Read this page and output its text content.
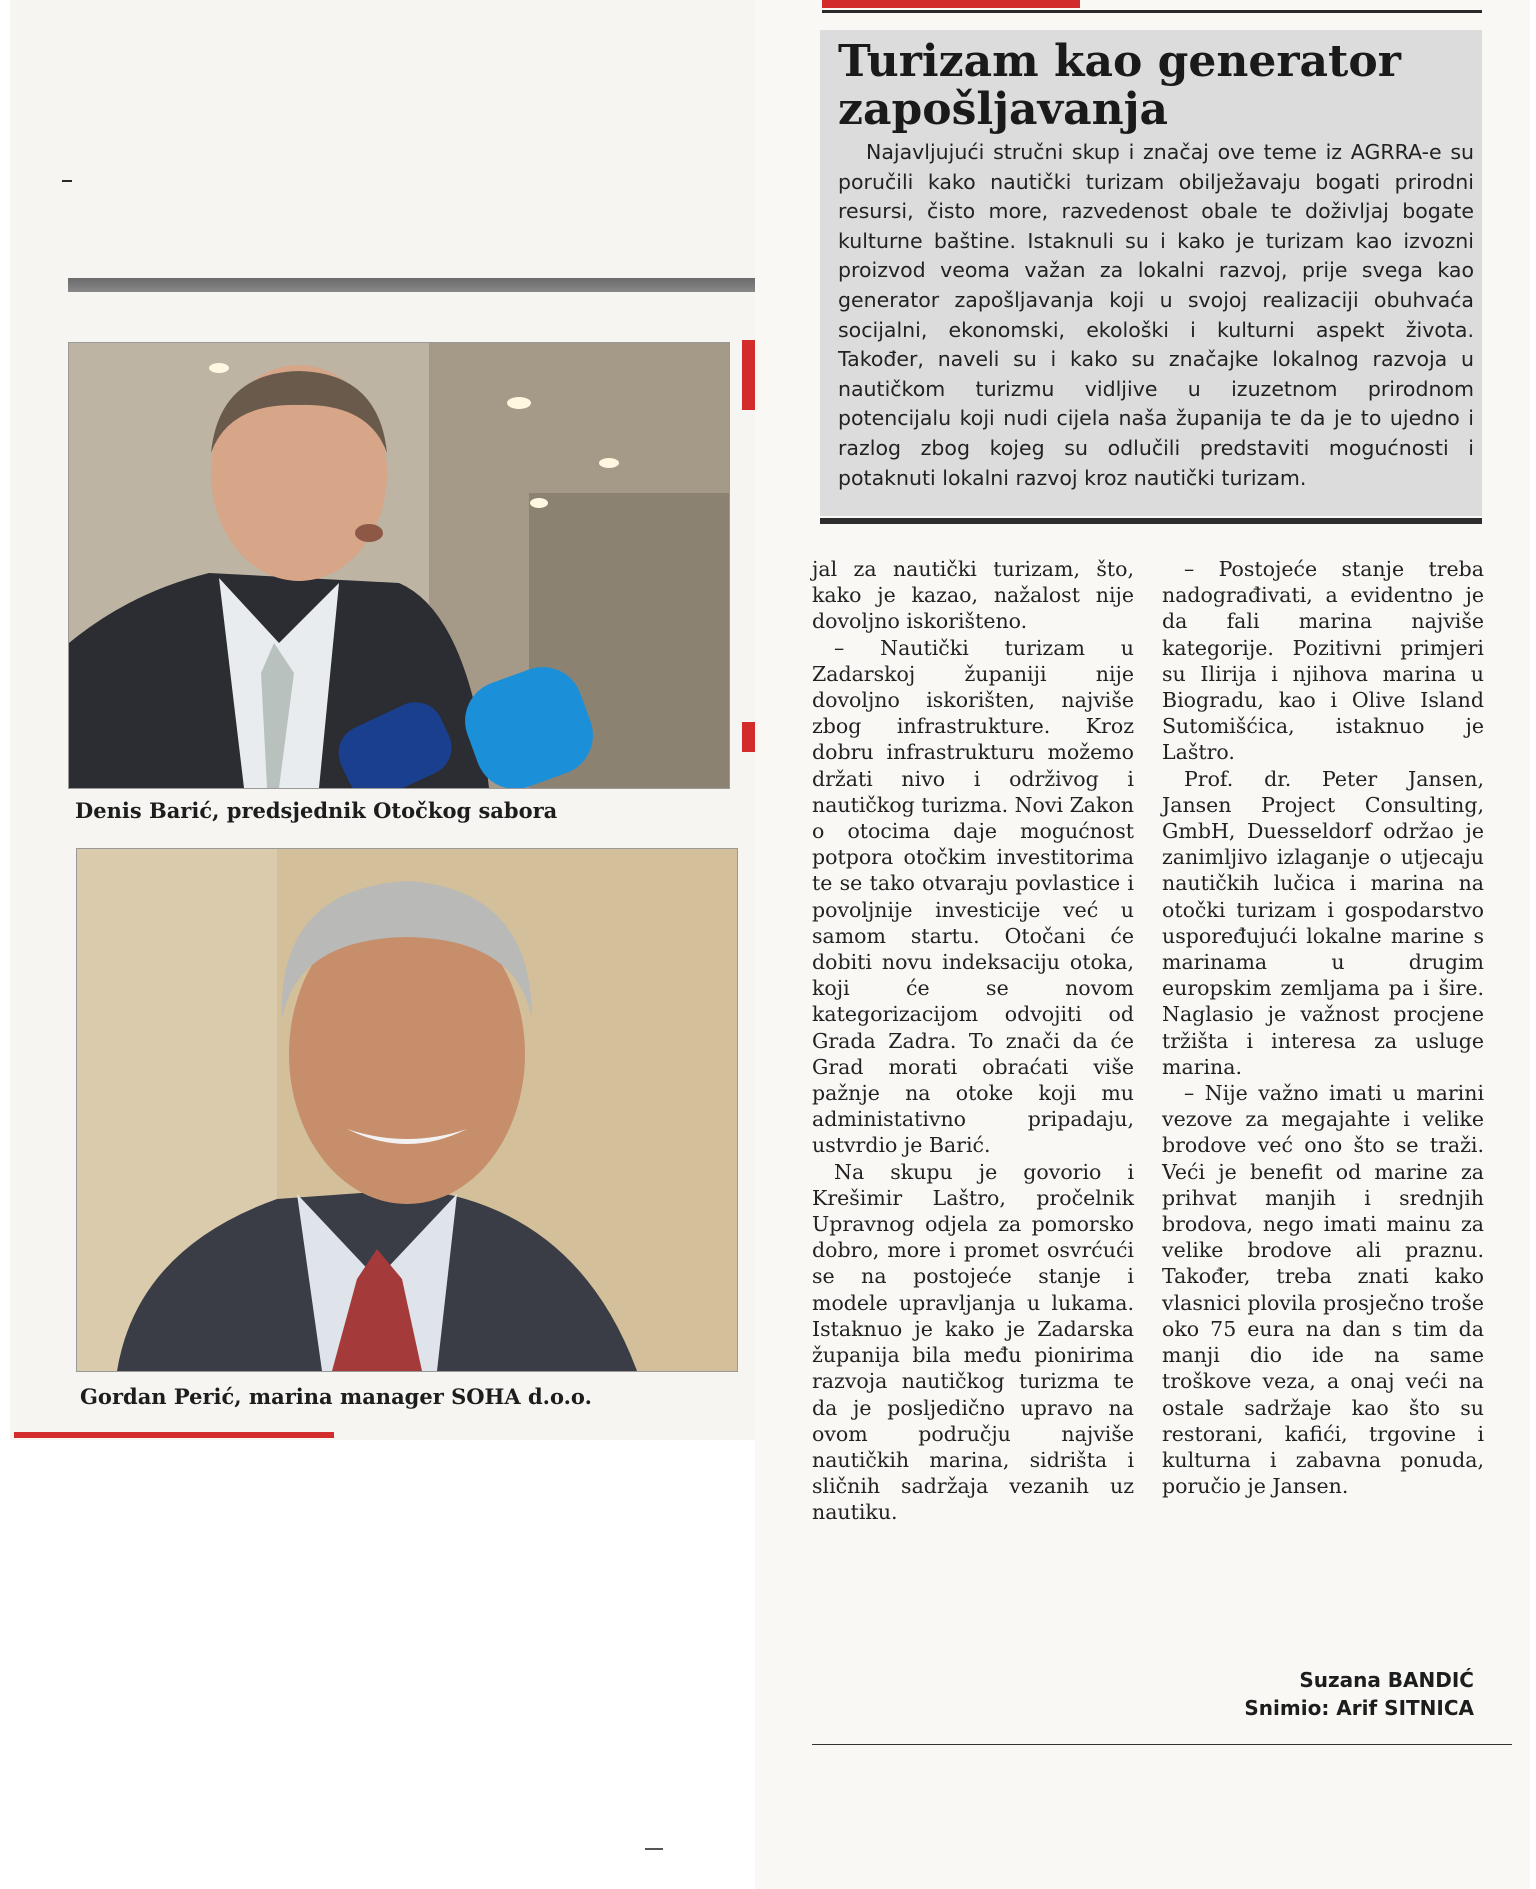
Denis Barić, predsjednik Otočkog sabora
Gordan Perić, marina manager SOHA d.o.o.
Turizam kao generator
zapošljavanja

Najavljujući stručni skup i značaj ove teme iz AGRRA-e su poručili kako nautički turizam obilježavaju bogati prirodni resursi, čisto more, razvedenost obale te doživljaj bogate kulturne baštine. Istaknuli su i kako je turizam kao izvozni proizvod veoma važan za lokalni razvoj, prije svega kao generator zapošljavanja koji u svojoj realizaciji obuhvaća socijalni, ekonomski, ekološki i kulturni aspekt života. Također, naveli su i kako su značajke lokalnog razvoja u nautičkom turizmu vidljive u izuzetnom prirodnom potencijalu koji nudi cijela naša županija te da je to ujedno i razlog zbog kojeg su odlučili predstaviti mogućnosti i potaknuti lokalni razvoj kroz nautički turizam.

jal za nautički turizam, što, kako je kazao, nažalost nije dovoljno iskorišteno.

– Nautički turizam u Zadarskoj županiji nije dovoljno iskorišten, najviše zbog infrastrukture. Kroz dobru infrastrukturu možemo držati nivo i održivog i nautičkog turizma. Novi Zakon o otocima daje mogućnost potpora otočkim investitorima te se tako otvaraju povlastice i povoljnije investicije već u samom startu. Otočani će dobiti novu indeksaciju otoka, koji će se novom kategorizacijom odvojiti od Grada Zadra. To znači da će Grad morati obraćati više pažnje na otoke koji mu administativno pripadaju, ustvrdio je Barić.

Na skupu je govorio i Krešimir Laštro, pročelnik Upravnog odjela za pomorsko dobro, more i promet osvrćući se na postojeće stanje i modele upravljanja u lukama. Istaknuo je kako je Zadarska županija bila među pionirima razvoja nautičkog turizma te da je posljedično upravo na ovom području najviše nautičkih marina, sidrišta i sličnih sadržaja vezanih uz nautiku.

– Postojeće stanje treba nadograđivati, a evidentno je da fali marina najviše kategorije. Pozitivni primjeri su Ilirija i njihova marina u Biogradu, kao i Olive Island Sutomišćica, istaknuo je Laštro.

Prof. dr. Peter Jansen, Jansen Project Consulting, GmbH, Duesseldorf održao je zanimljivo izlaganje o utjecaju nautičkih lučica i marina na otočki turizam i gospodarstvo uspoređujući lokalne marine s marinama u drugim europskim zemljama pa i šire. Naglasio je važnost procjene tržišta i interesa za usluge marina.

– Nije važno imati u marini vezove za megajahte i velike brodove već ono što se traži. Veći je benefit od marine za prihvat manjih i srednjih brodova, nego imati mainu za velike brodove ali praznu. Također, treba znati kako vlasnici plovila prosječno troše oko 75 eura na dan s tim da manji dio ide na same troškove veza, a onaj veći na ostale sadržaje kao što su restorani, kafići, trgovine i kulturna i zabavna ponuda, poručio je Jansen.

Suzana BANDIĆ
Snimio: Arif SITNICA
